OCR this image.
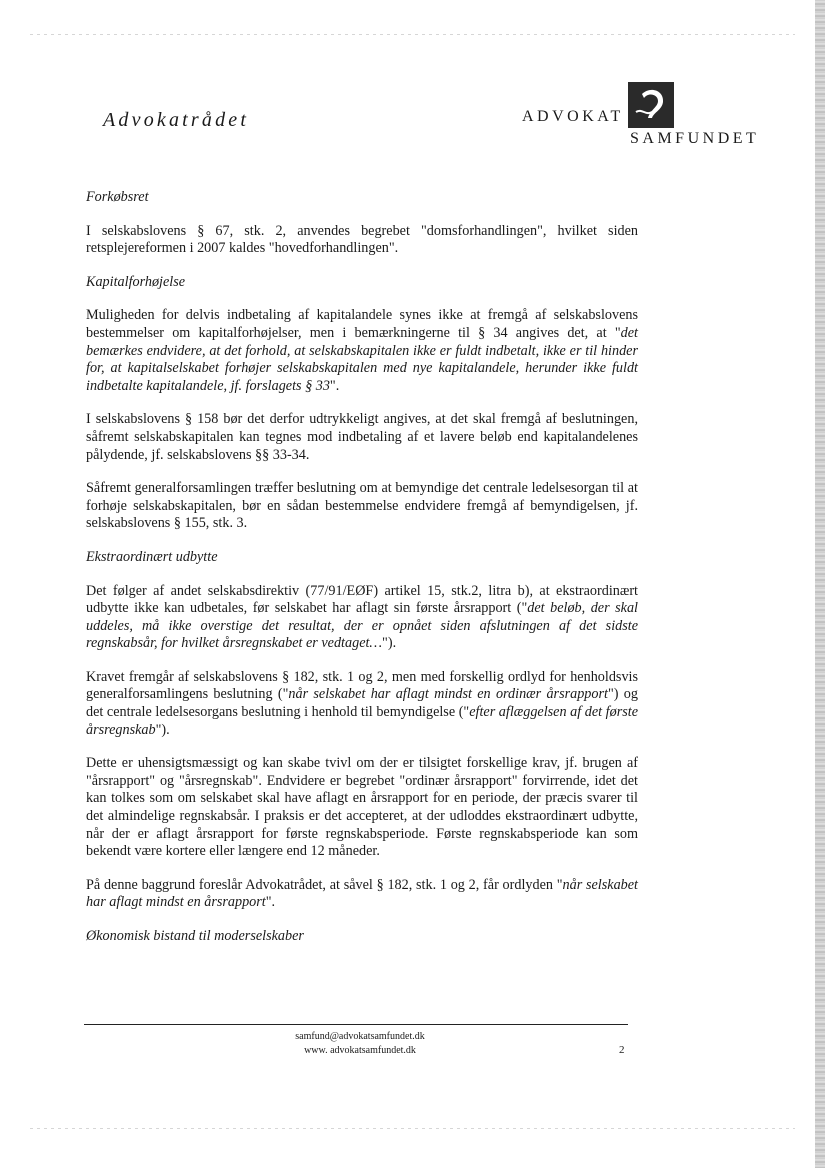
Advokatrådet	ADVOKAT
SAMFUNDET

Forkøbsret

I selskabslovens § 67, stk. 2, anvendes begrebet "domsforhandlingen", hvilket siden retsplejereformen i 2007 kaldes "hovedforhandlingen".

Kapitalforhøjelse

Muligheden for delvis indbetaling af kapitalandele synes ikke at fremgå af selskabslovens bestemmelser om kapitalforhøjelser, men i bemærkningerne til § 34 angives det, at "det bemærkes endvidere, at det forhold, at selskabskapitalen ikke er fuldt indbetalt, ikke er til hinder for, at kapitalselskabet forhøjer selskabskapitalen med nye kapitalandele, herunder ikke fuldt indbetalte kapitalandele, jf. forslagets § 33".

I selskabslovens § 158 bør det derfor udtrykkeligt angives, at det skal fremgå af beslutningen, såfremt selskabskapitalen kan tegnes mod indbetaling af et lavere beløb end kapitalandelenes pålydende, jf. selskabslovens §§ 33-34.

Såfremt generalforsamlingen træffer beslutning om at bemyndige det centrale ledelsesorgan til at forhøje selskabskapitalen, bør en sådan bestemmelse endvidere fremgå af bemyndigelsen, jf. selskabslovens § 155, stk. 3.

Ekstraordinært udbytte

Det følger af andet selskabsdirektiv (77/91/EØF) artikel 15, stk.2, litra b), at ekstraordinært udbytte ikke kan udbetales, før selskabet har aflagt sin første årsrapport ("det beløb, der skal uddeles, må ikke overstige det resultat, der er opnået siden afslutningen af det sidste regnskabsår, for hvilket årsregnskabet er vedtaget…").

Kravet fremgår af selskabslovens § 182, stk. 1 og 2, men med forskellig ordlyd for henholdsvis generalforsamlingens beslutning ("når selskabet har aflagt mindst en ordinær årsrapport") og det centrale ledelsesorgans beslutning i henhold til bemyndigelse ("efter aflæggelsen af det første årsregnskab").

Dette er uhensigtsmæssigt og kan skabe tvivl om der er tilsigtet forskellige krav, jf. brugen af "årsrapport" og "årsregnskab". Endvidere er begrebet "ordinær årsrapport" forvirrende, idet det kan tolkes som om selskabet skal have aflagt en årsrapport for en periode, der præcis svarer til det almindelige regnskabsår. I praksis er det accepteret, at der udloddes ekstraordinært udbytte, når der er aflagt årsrapport for første regnskabsperiode. Første regnskabsperiode kan som bekendt være kortere eller længere end 12 måneder.

På denne baggrund foreslår Advokatrådet, at såvel § 182, stk. 1 og 2, får ordlyden "når selskabet har aflagt mindst en årsrapport".

Økonomisk bistand til moderselskaber

samfund@advokatsamfundet.dk
www. advokatsamfundet.dk	2
